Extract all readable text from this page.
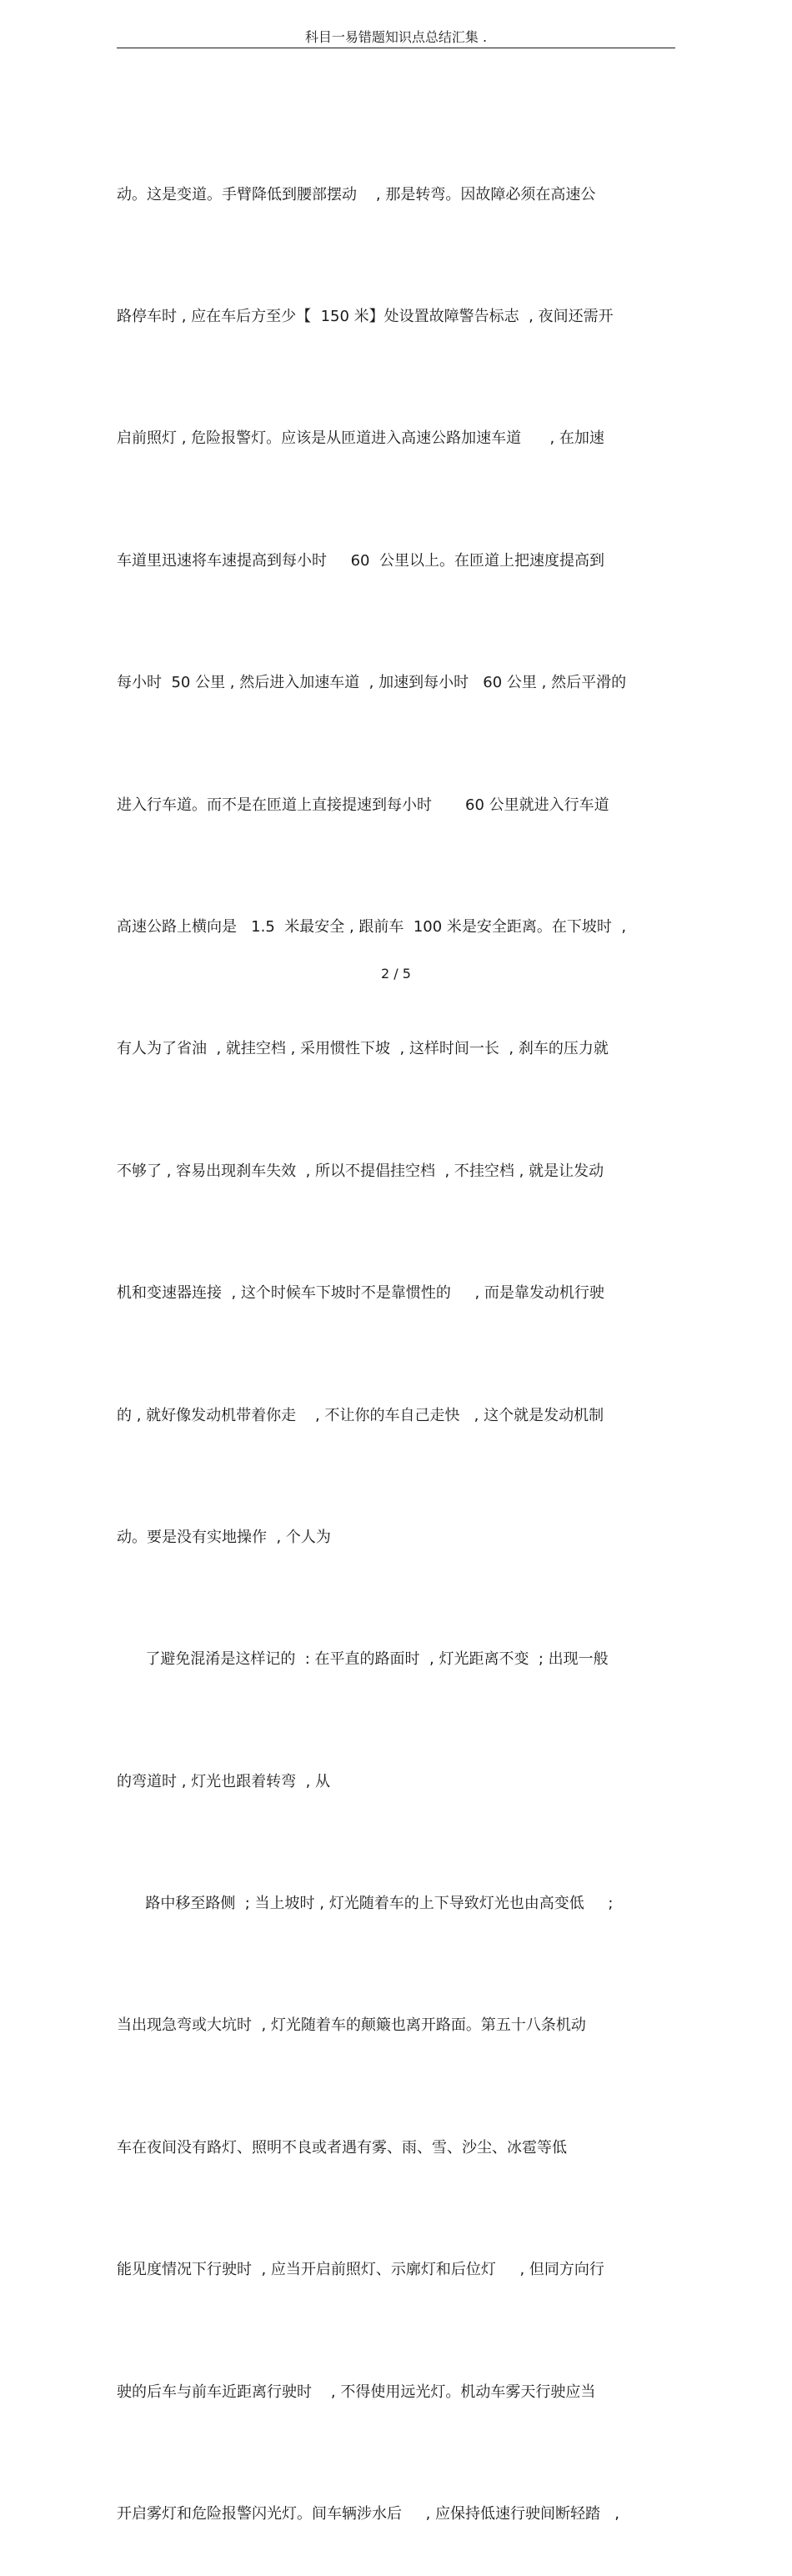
科目一易错题知识点总结汇集 .

动。这是变道。手臂降低到腰部摆动    , 那是转弯。因故障必须在高速公

路停车时 , 应在车后方至少【  150 米】处设置故障警告标志  , 夜间还需开

启前照灯 , 危险报警灯。应该是从匝道进入高速公路加速车道      , 在加速

车道里迅速将车速提高到每小时     60  公里以上。在匝道上把速度提高到

每小时  50 公里 , 然后进入加速车道  , 加速到每小时   60 公里 , 然后平滑的

进入行车道。而不是在匝道上直接提速到每小时       60 公里就进入行车道

高速公路上横向是   1.5  米最安全 , 跟前车  100 米是安全距离。在下坡时  ,

有人为了省油  , 就挂空档 , 采用惯性下坡  , 这样时间一长  , 刹车的压力就

不够了 , 容易出现刹车失效  , 所以不提倡挂空档  , 不挂空档 , 就是让发动

机和变速器连接  , 这个时候车下坡时不是靠惯性的     , 而是靠发动机行驶

的 , 就好像发动机带着你走    , 不让你的车自己走快   , 这个就是发动机制

动。要是没有实地操作  , 个人为

了避免混淆是这样记的  : 在平直的路面时  , 灯光距离不变  ; 出现一般

的弯道时 , 灯光也跟着转弯  , 从

路中移至路侧  ; 当上坡时 , 灯光随着车的上下导致灯光也由高变低     ;

当出现急弯或大坑时  , 灯光随着车的颠簸也离开路面。第五十八条机动

车在夜间没有路灯、照明不良或者遇有雾、雨、雪、沙尘、冰雹等低

能见度情况下行驶时  , 应当开启前照灯、示廓灯和后位灯     , 但同方向行

驶的后车与前车近距离行驶时    , 不得使用远光灯。机动车雾天行驶应当

开启雾灯和危险报警闪光灯。间车辆涉水后     , 应保持低速行驶间断轻踏   ,

2 / 5
